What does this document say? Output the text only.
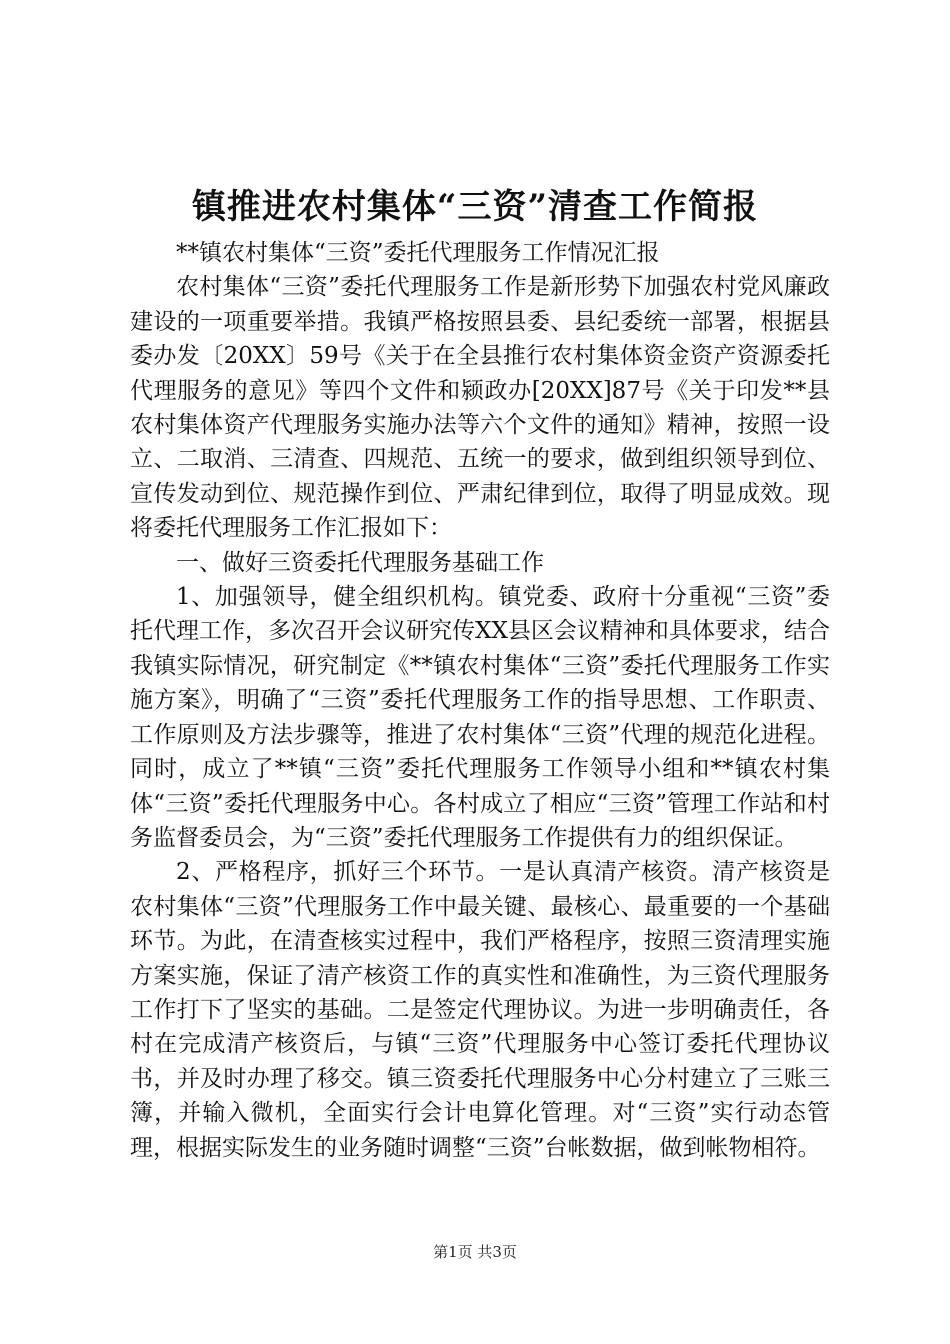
镇推进农村集体“三资”清查工作简报

**镇农村集体“三资”委托代理服务工作情况汇报

农村集体“三资”委托代理服务工作是新形势下加强农村党风廉政建设的一项重要举措。我镇严格按照县委、县纪委统一部署，根据县委办发〔20XX〕59号《关于在全县推行农村集体资金资产资源委托代理服务的意见》等四个文件和颍政办[20XX]87号《关于印发**县农村集体资产代理服务实施办法等六个文件的通知》精神，按照一设立、二取消、三清查、四规范、五统一的要求，做到组织领导到位、宣传发动到位、规范操作到位、严肃纪律到位，取得了明显成效。现将委托代理服务工作汇报如下：

一、做好三资委托代理服务基础工作

1、加强领导，健全组织机构。镇党委、政府十分重视“三资”委托代理工作，多次召开会议研究传XX县区会议精神和具体要求，结合我镇实际情况，研究制定《**镇农村集体“三资”委托代理服务工作实施方案》，明确了“三资”委托代理服务工作的指导思想、工作职责、工作原则及方法步骤等，推进了农村集体“三资”代理的规范化进程。同时，成立了**镇“三资”委托代理服务工作领导小组和**镇农村集体“三资”委托代理服务中心。各村成立了相应“三资”管理工作站和村务监督委员会，为“三资”委托代理服务工作提供有力的组织保证。

2、严格程序，抓好三个环节。一是认真清产核资。清产核资是农村集体“三资”代理服务工作中最关键、最核心、最重要的一个基础环节。为此，在清查核实过程中，我们严格程序，按照三资清理实施方案实施，保证了清产核资工作的真实性和准确性，为三资代理服务工作打下了坚实的基础。二是签定代理协议。为进一步明确责任，各村在完成清产核资后，与镇“三资”代理服务中心签订委托代理协议书，并及时办理了移交。镇三资委托代理服务中心分村建立了三账三簿，并输入微机，全面实行会计电算化管理。对“三资”实行动态管理，根据实际发生的业务随时调整“三资”台帐数据，做到帐物相符。

第1页 共3页
